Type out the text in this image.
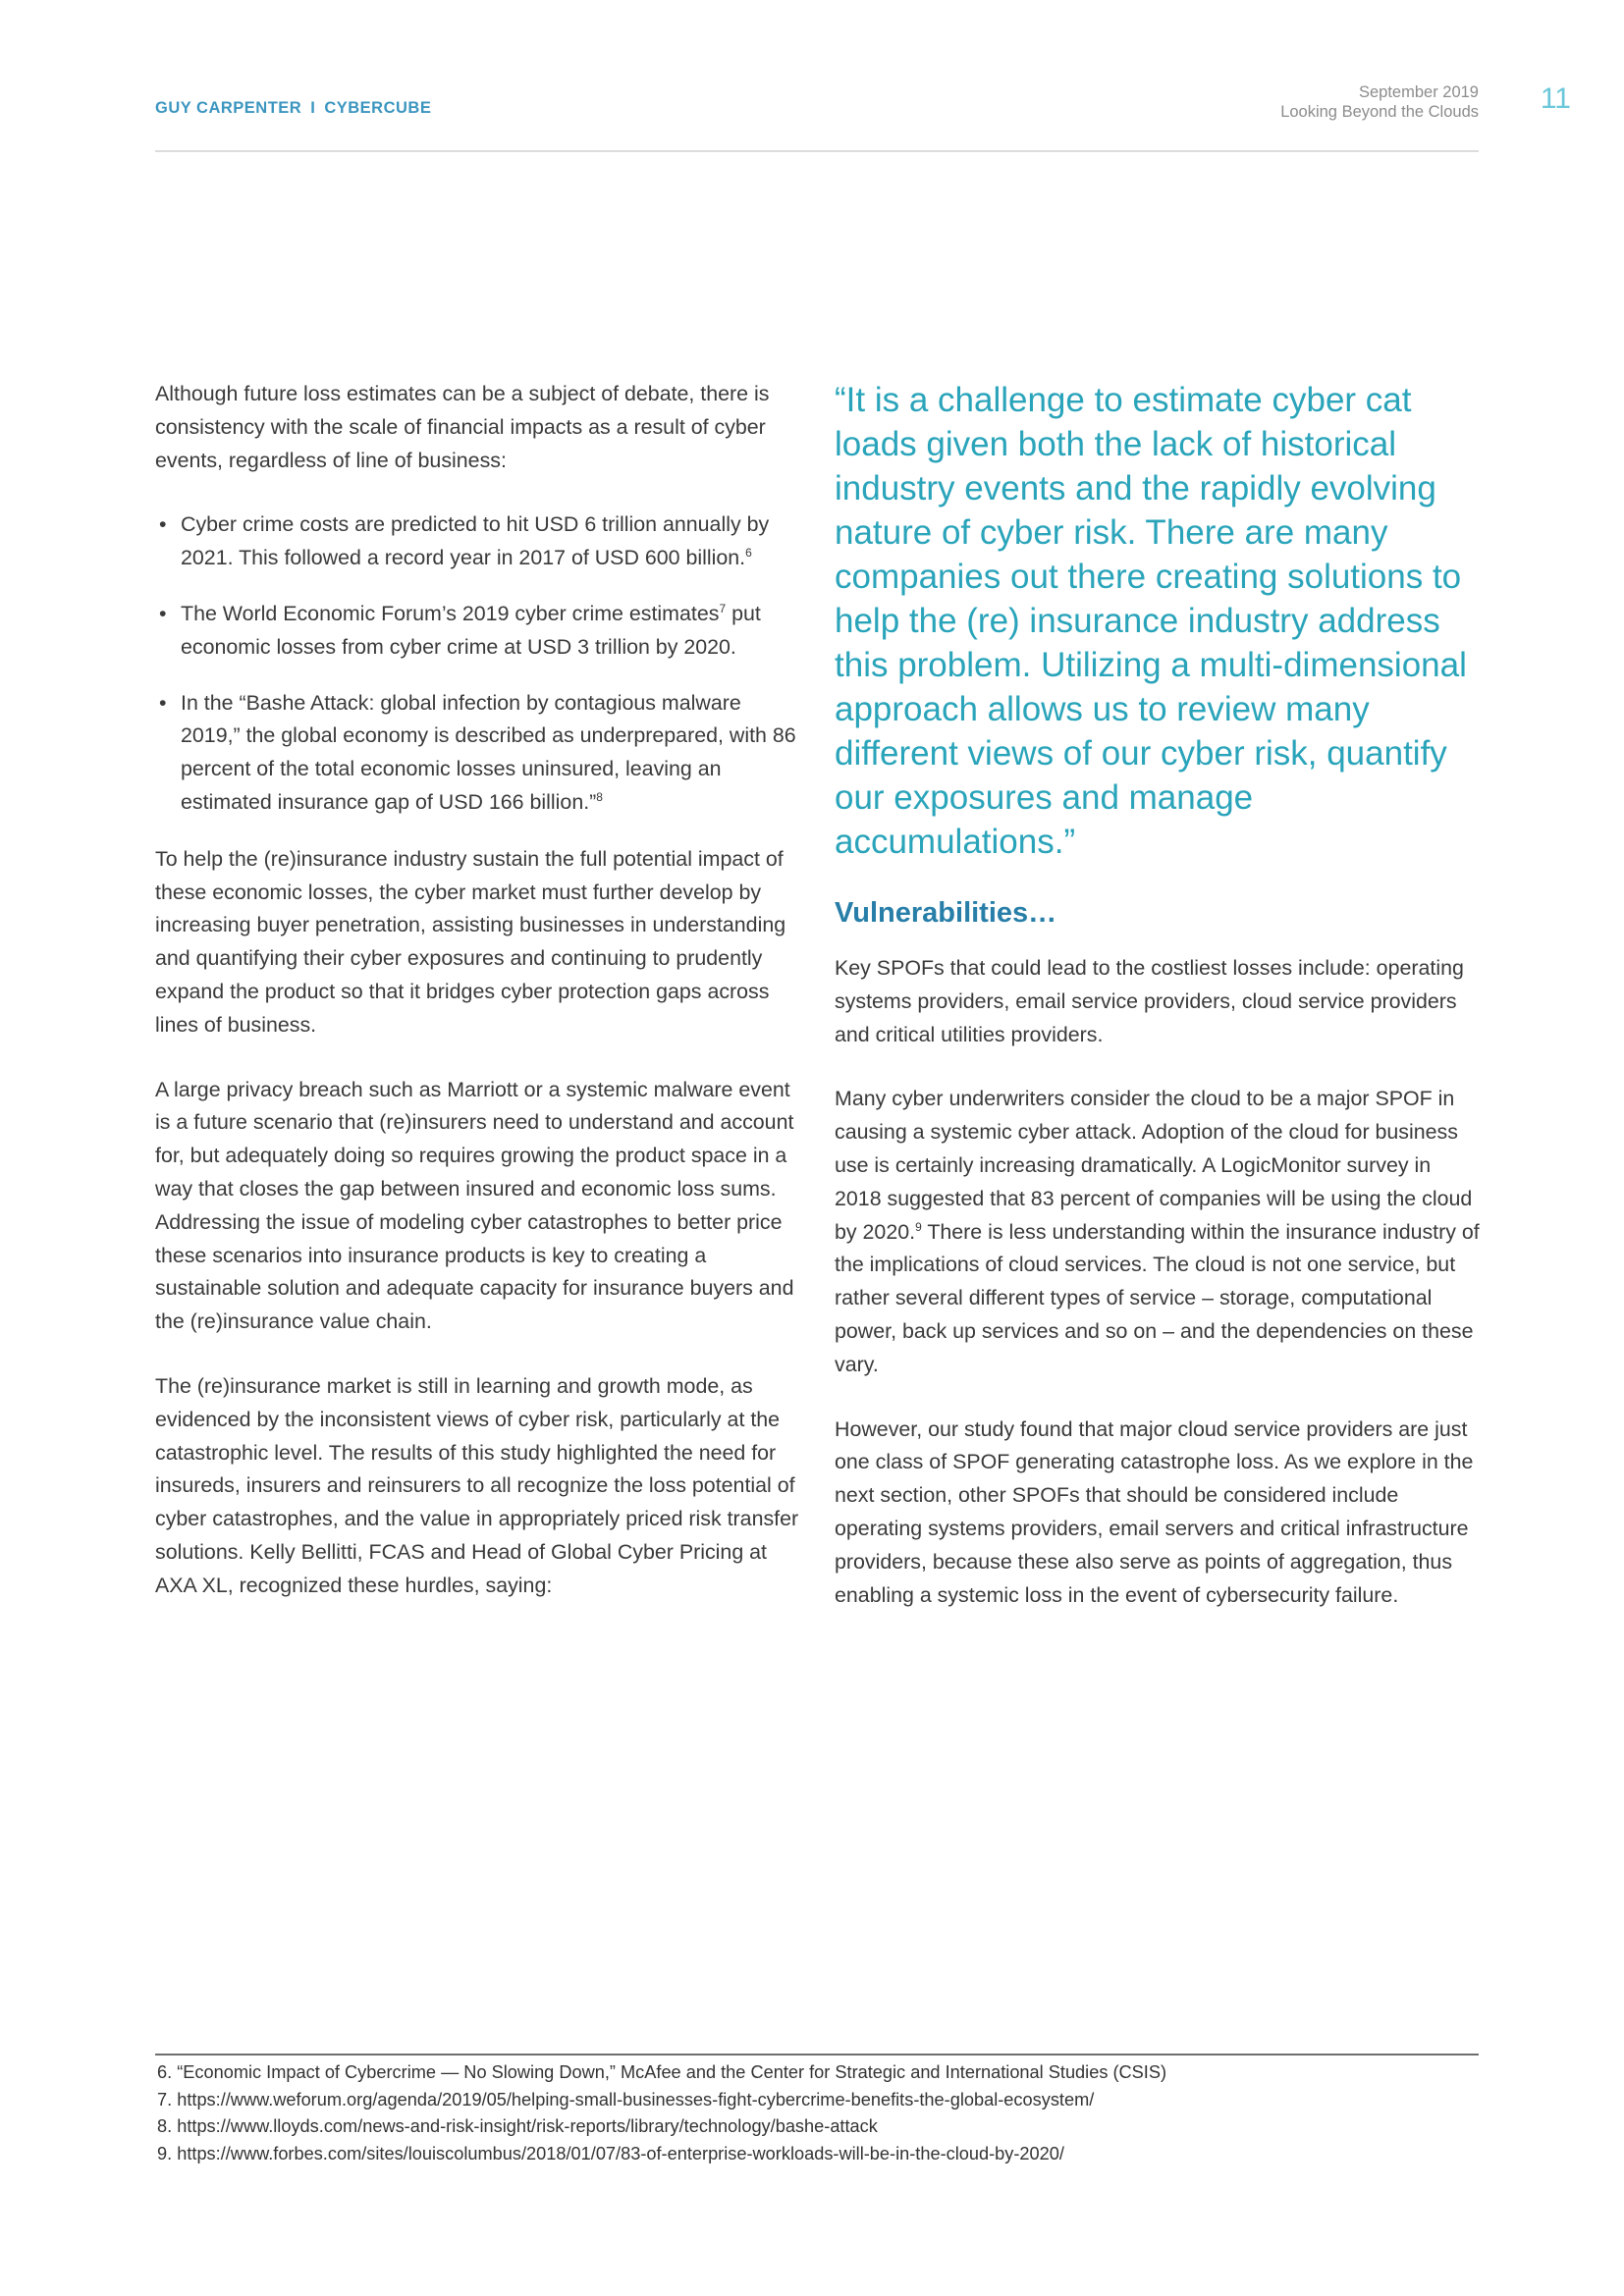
GUY CARPENTER I CYBERCUBE
September 2019
Looking Beyond the Clouds 11

Although future loss estimates can be a subject of debate, there is consistency with the scale of financial impacts as a result of cyber events, regardless of line of business:

• Cyber crime costs are predicted to hit USD 6 trillion annually by 2021. This followed a record year in 2017 of USD 600 billion.$^6$
• The World Economic Forum’s 2019 cyber crime estimates$^7$ put economic losses from cyber crime at USD 3 trillion by 2020.
• In the “Bashe Attack: global infection by contagious malware 2019,” the global economy is described as underprepared, with 86 percent of the total economic losses uninsured, leaving an estimated insurance gap of USD 166 billion.”$^8$

To help the (re)insurance industry sustain the full potential impact of these economic losses, the cyber market must further develop by increasing buyer penetration, assisting businesses in understanding and quantifying their cyber exposures and continuing to prudently expand the product so that it bridges cyber protection gaps across lines of business.

A large privacy breach such as Marriott or a systemic malware event is a future scenario that (re)insurers need to understand and account for, but adequately doing so requires growing the product space in a way that closes the gap between insured and economic loss sums. Addressing the issue of modeling cyber catastrophes to better price these scenarios into insurance products is key to creating a sustainable solution and adequate capacity for insurance buyers and the (re)insurance value chain.

The (re)insurance market is still in learning and growth mode, as evidenced by the inconsistent views of cyber risk, particularly at the catastrophic level. The results of this study highlighted the need for insureds, insurers and reinsurers to all recognize the loss potential of cyber catastrophes, and the value in appropriately priced risk transfer solutions. Kelly Bellitti, FCAS and Head of Global Cyber Pricing at AXA XL, recognized these hurdles, saying:

“It is a challenge to estimate cyber cat loads given both the lack of historical industry events and the rapidly evolving nature of cyber risk. There are many companies out there creating solutions to help the (re) insurance industry address this problem. Utilizing a multi-dimensional approach allows us to review many different views of our cyber risk, quantify our exposures and manage accumulations.”

Vulnerabilities…

Key SPOFs that could lead to the costliest losses include: operating systems providers, email service providers, cloud service providers and critical utilities providers.

Many cyber underwriters consider the cloud to be a major SPOF in causing a systemic cyber attack. Adoption of the cloud for business use is certainly increasing dramatically. A LogicMonitor survey in 2018 suggested that 83 percent of companies will be using the cloud by 2020.$^9$ There is less understanding within the insurance industry of the implications of cloud services. The cloud is not one service, but rather several different types of service – storage, computational power, back up services and so on – and the dependencies on these vary.

However, our study found that major cloud service providers are just one class of SPOF generating catastrophe loss. As we explore in the next section, other SPOFs that should be considered include operating systems providers, email servers and critical infrastructure providers, because these also serve as points of aggregation, thus enabling a systemic loss in the event of cybersecurity failure.

6. “Economic Impact of Cybercrime — No Slowing Down,” McAfee and the Center for Strategic and International Studies (CSIS)
7. https://www.weforum.org/agenda/2019/05/helping-small-businesses-fight-cybercrime-benefits-the-global-ecosystem/
8. https://www.lloyds.com/news-and-risk-insight/risk-reports/library/technology/bashe-attack
9. https://www.forbes.com/sites/louiscolumbus/2018/01/07/83-of-enterprise-workloads-will-be-in-the-cloud-by-2020/
